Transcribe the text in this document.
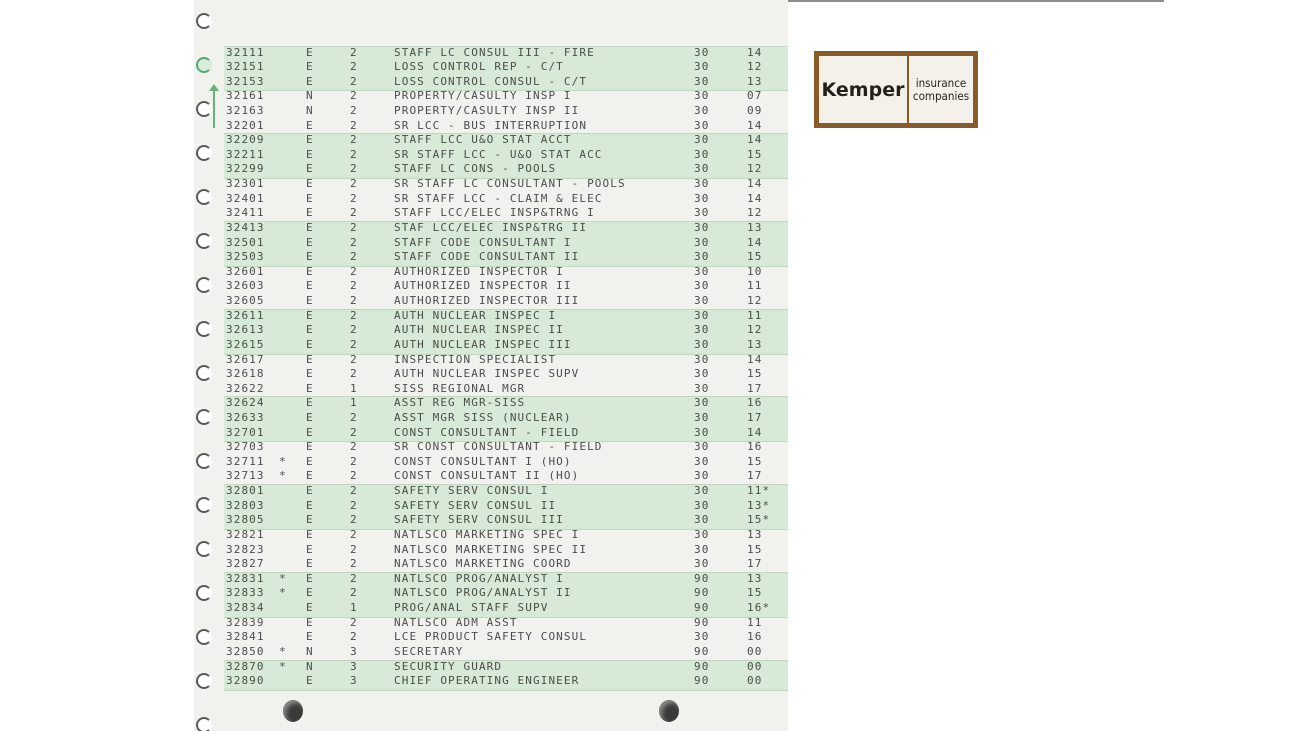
32111	E	2	STAFF LC CONSUL III - FIRE	30	14
32151	E	2	LOSS CONTROL REP - C/T	30	12
32153	E	2	LOSS CONTROL CONSUL - C/T	30	13
32161	N	2	PROPERTY/CASULTY INSP I	30	07
32163	N	2	PROPERTY/CASULTY INSP II	30	09
32201	E	2	SR LCC - BUS INTERRUPTION	30	14
32209	E	2	STAFF LCC U&O STAT ACCT	30	14
32211	E	2	SR STAFF LCC - U&O STAT ACC	30	15
32299	E	2	STAFF LC CONS - POOLS	30	12
32301	E	2	SR STAFF LC CONSULTANT - POOLS	30	14
32401	E	2	SR STAFF LCC - CLAIM & ELEC	30	14
32411	E	2	STAFF LCC/ELEC INSP&TRNG I	30	12
32413	E	2	STAF LCC/ELEC INSP&TRG II	30	13
32501	E	2	STAFF CODE CONSULTANT I	30	14
32503	E	2	STAFF CODE CONSULTANT II	30	15
32601	E	2	AUTHORIZED INSPECTOR I	30	10
32603	E	2	AUTHORIZED INSPECTOR II	30	11
32605	E	2	AUTHORIZED INSPECTOR III	30	12
32611	E	2	AUTH NUCLEAR INSPEC I	30	11
32613	E	2	AUTH NUCLEAR INSPEC II	30	12
32615	E	2	AUTH NUCLEAR INSPEC III	30	13
32617	E	2	INSPECTION SPECIALIST	30	14
32618	E	2	AUTH NUCLEAR INSPEC SUPV	30	15
32622	E	1	SISS REGIONAL MGR	30	17
32624	E	1	ASST REG MGR-SISS	30	16
32633	E	2	ASST MGR SISS (NUCLEAR)	30	17
32701	E	2	CONST CONSULTANT - FIELD	30	14
32703	E	2	SR CONST CONSULTANT - FIELD	30	16
32711 * E	2	CONST CONSULTANT I (HO)	30	15
32713 * E	2	CONST CONSULTANT II (HO)	30	17
32801	E	2	SAFETY SERV CONSUL I	30	11*
32803	E	2	SAFETY SERV CONSUL II	30	13*
32805	E	2	SAFETY SERV CONSUL III	30	15*
32821	E	2	NATLSCO MARKETING SPEC I	30	13
32823	E	2	NATLSCO MARKETING SPEC II	30	15
32827	E	2	NATLSCO MARKETING COORD	30	17
32831 * E	2	NATLSCO PROG/ANALYST I	90	13
32833 * E	2	NATLSCO PROG/ANALYST II	90	15
32834	E	1	PROG/ANAL STAFF SUPV	90	16*
32839	E	2	NATLSCO ADM ASST	90	11
32841	E	2	LCE PRODUCT SAFETY CONSUL	30	16
32850 * N	3	SECRETARY	90	00
32870 * N	3	SECURITY GUARD	90	00
32890	E	3	CHIEF OPERATING ENGINEER	90	00
Kemper insurance
companies
